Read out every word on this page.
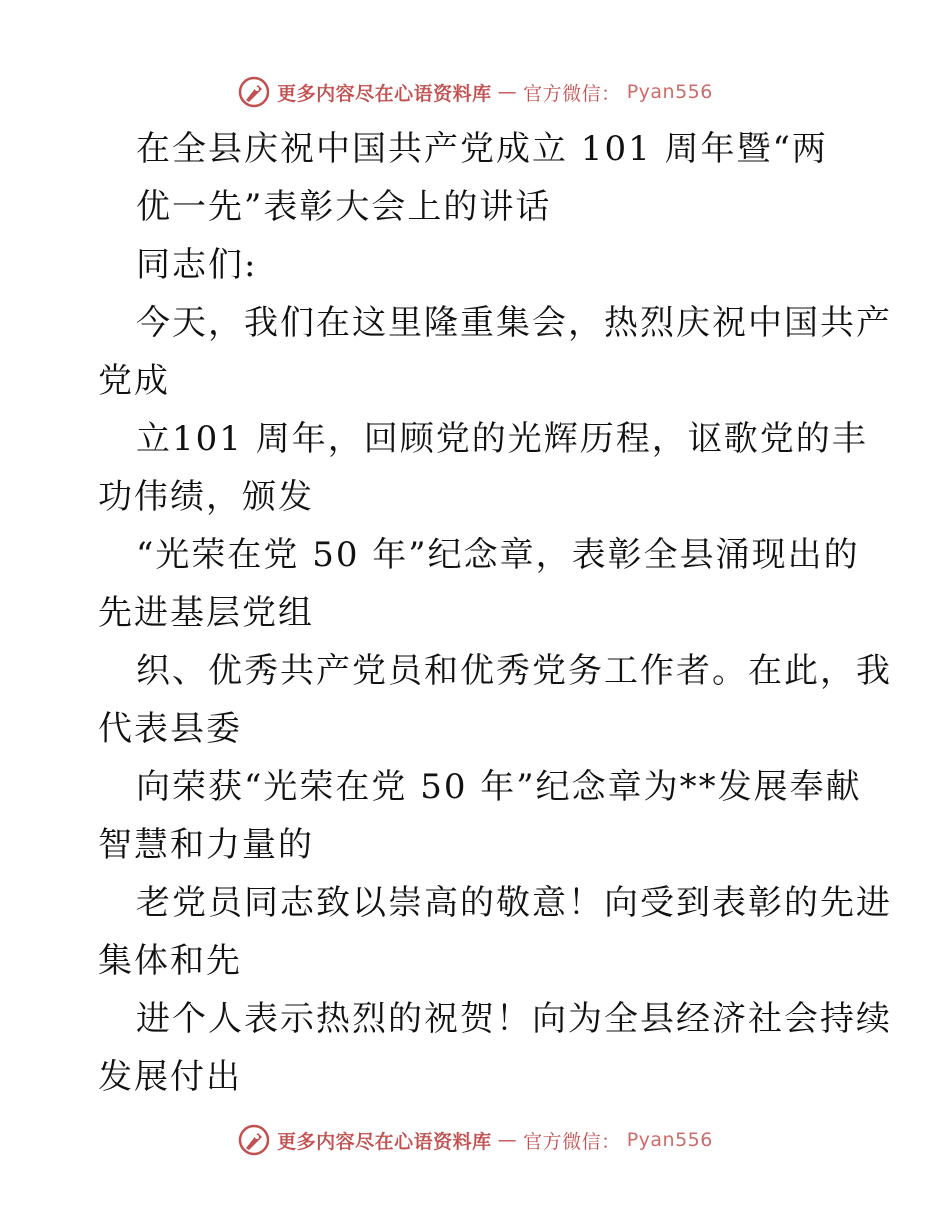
更多内容尽在心语资料库 — 官方微信： Pyan556
在全县庆祝中国共产党成立 101 周年暨“两
优一先”表彰大会上的讲话
同志们:
今天，我们在这里隆重集会，热烈庆祝中国共产
党成
立101 周年，回顾党的光辉历程，讴歌党的丰
功伟绩，颁发
“光荣在党 50 年”纪念章，表彰全县涌现出的
先进基层党组
织、优秀共产党员和优秀党务工作者。在此，我
代表县委
向荣获“光荣在党 50 年”纪念章为**发展奉献
智慧和力量的
老党员同志致以崇高的敬意！向受到表彰的先进
集体和先
进个人表示热烈的祝贺！向为全县经济社会持续
发展付出
更多内容尽在心语资料库 — 官方微信： Pyan556
